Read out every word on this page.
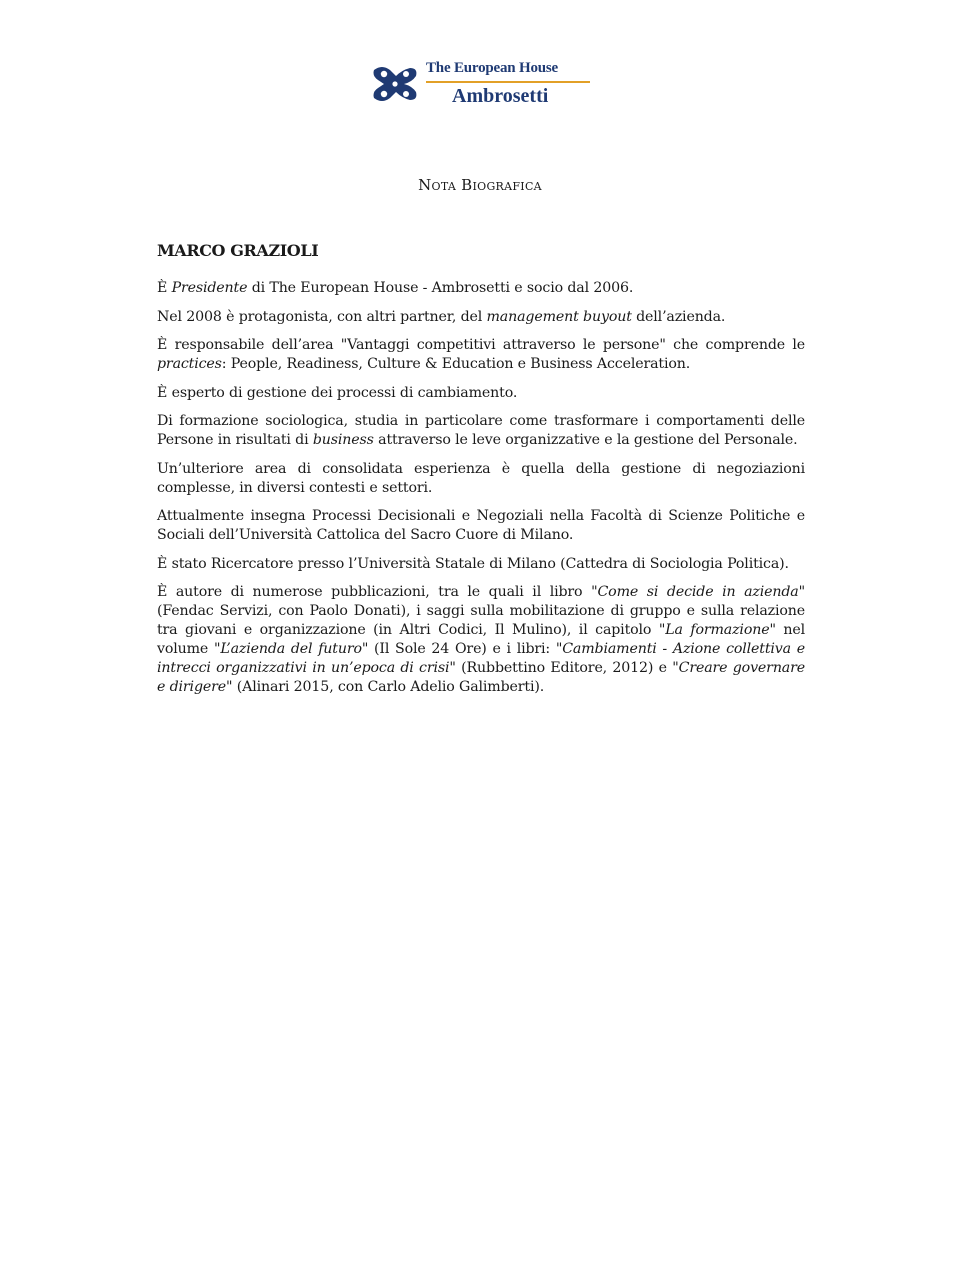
The European House
Ambrosetti
Nota Biografica
MARCO GRAZIOLI

È Presidente di The European House - Ambrosetti e socio dal 2006.

Nel 2008 è protagonista, con altri partner, del management buyout dell’azienda.

È responsabile dell’area "Vantaggi competitivi attraverso le persone" che comprende le practices: People, Readiness, Culture & Education e Business Acceleration.

È esperto di gestione dei processi di cambiamento.

Di formazione sociologica, studia in particolare come trasformare i comportamenti delle Persone in risultati di business attraverso le leve organizzative e la gestione del Personale.

Un’ulteriore area di consolidata esperienza è quella della gestione di negoziazioni complesse, in diversi contesti e settori.

Attualmente insegna Processi Decisionali e Negoziali nella Facoltà di Scienze Politiche e Sociali dell’Università Cattolica del Sacro Cuore di Milano.

È stato Ricercatore presso l’Università Statale di Milano (Cattedra di Sociologia Politica).

È autore di numerose pubblicazioni, tra le quali il libro "Come si decide in azienda" (Fendac Servizi, con Paolo Donati), i saggi sulla mobilitazione di gruppo e sulla relazione tra giovani e organizzazione (in Altri Codici, Il Mulino), il capitolo "La formazione" nel volume "L’azienda del futuro" (Il Sole 24 Ore) e i libri: "Cambiamenti - Azione collettiva e intrecci organizzativi in un’epoca di crisi" (Rubbettino Editore, 2012) e "Creare governare e dirigere" (Alinari 2015, con Carlo Adelio Galimberti).
